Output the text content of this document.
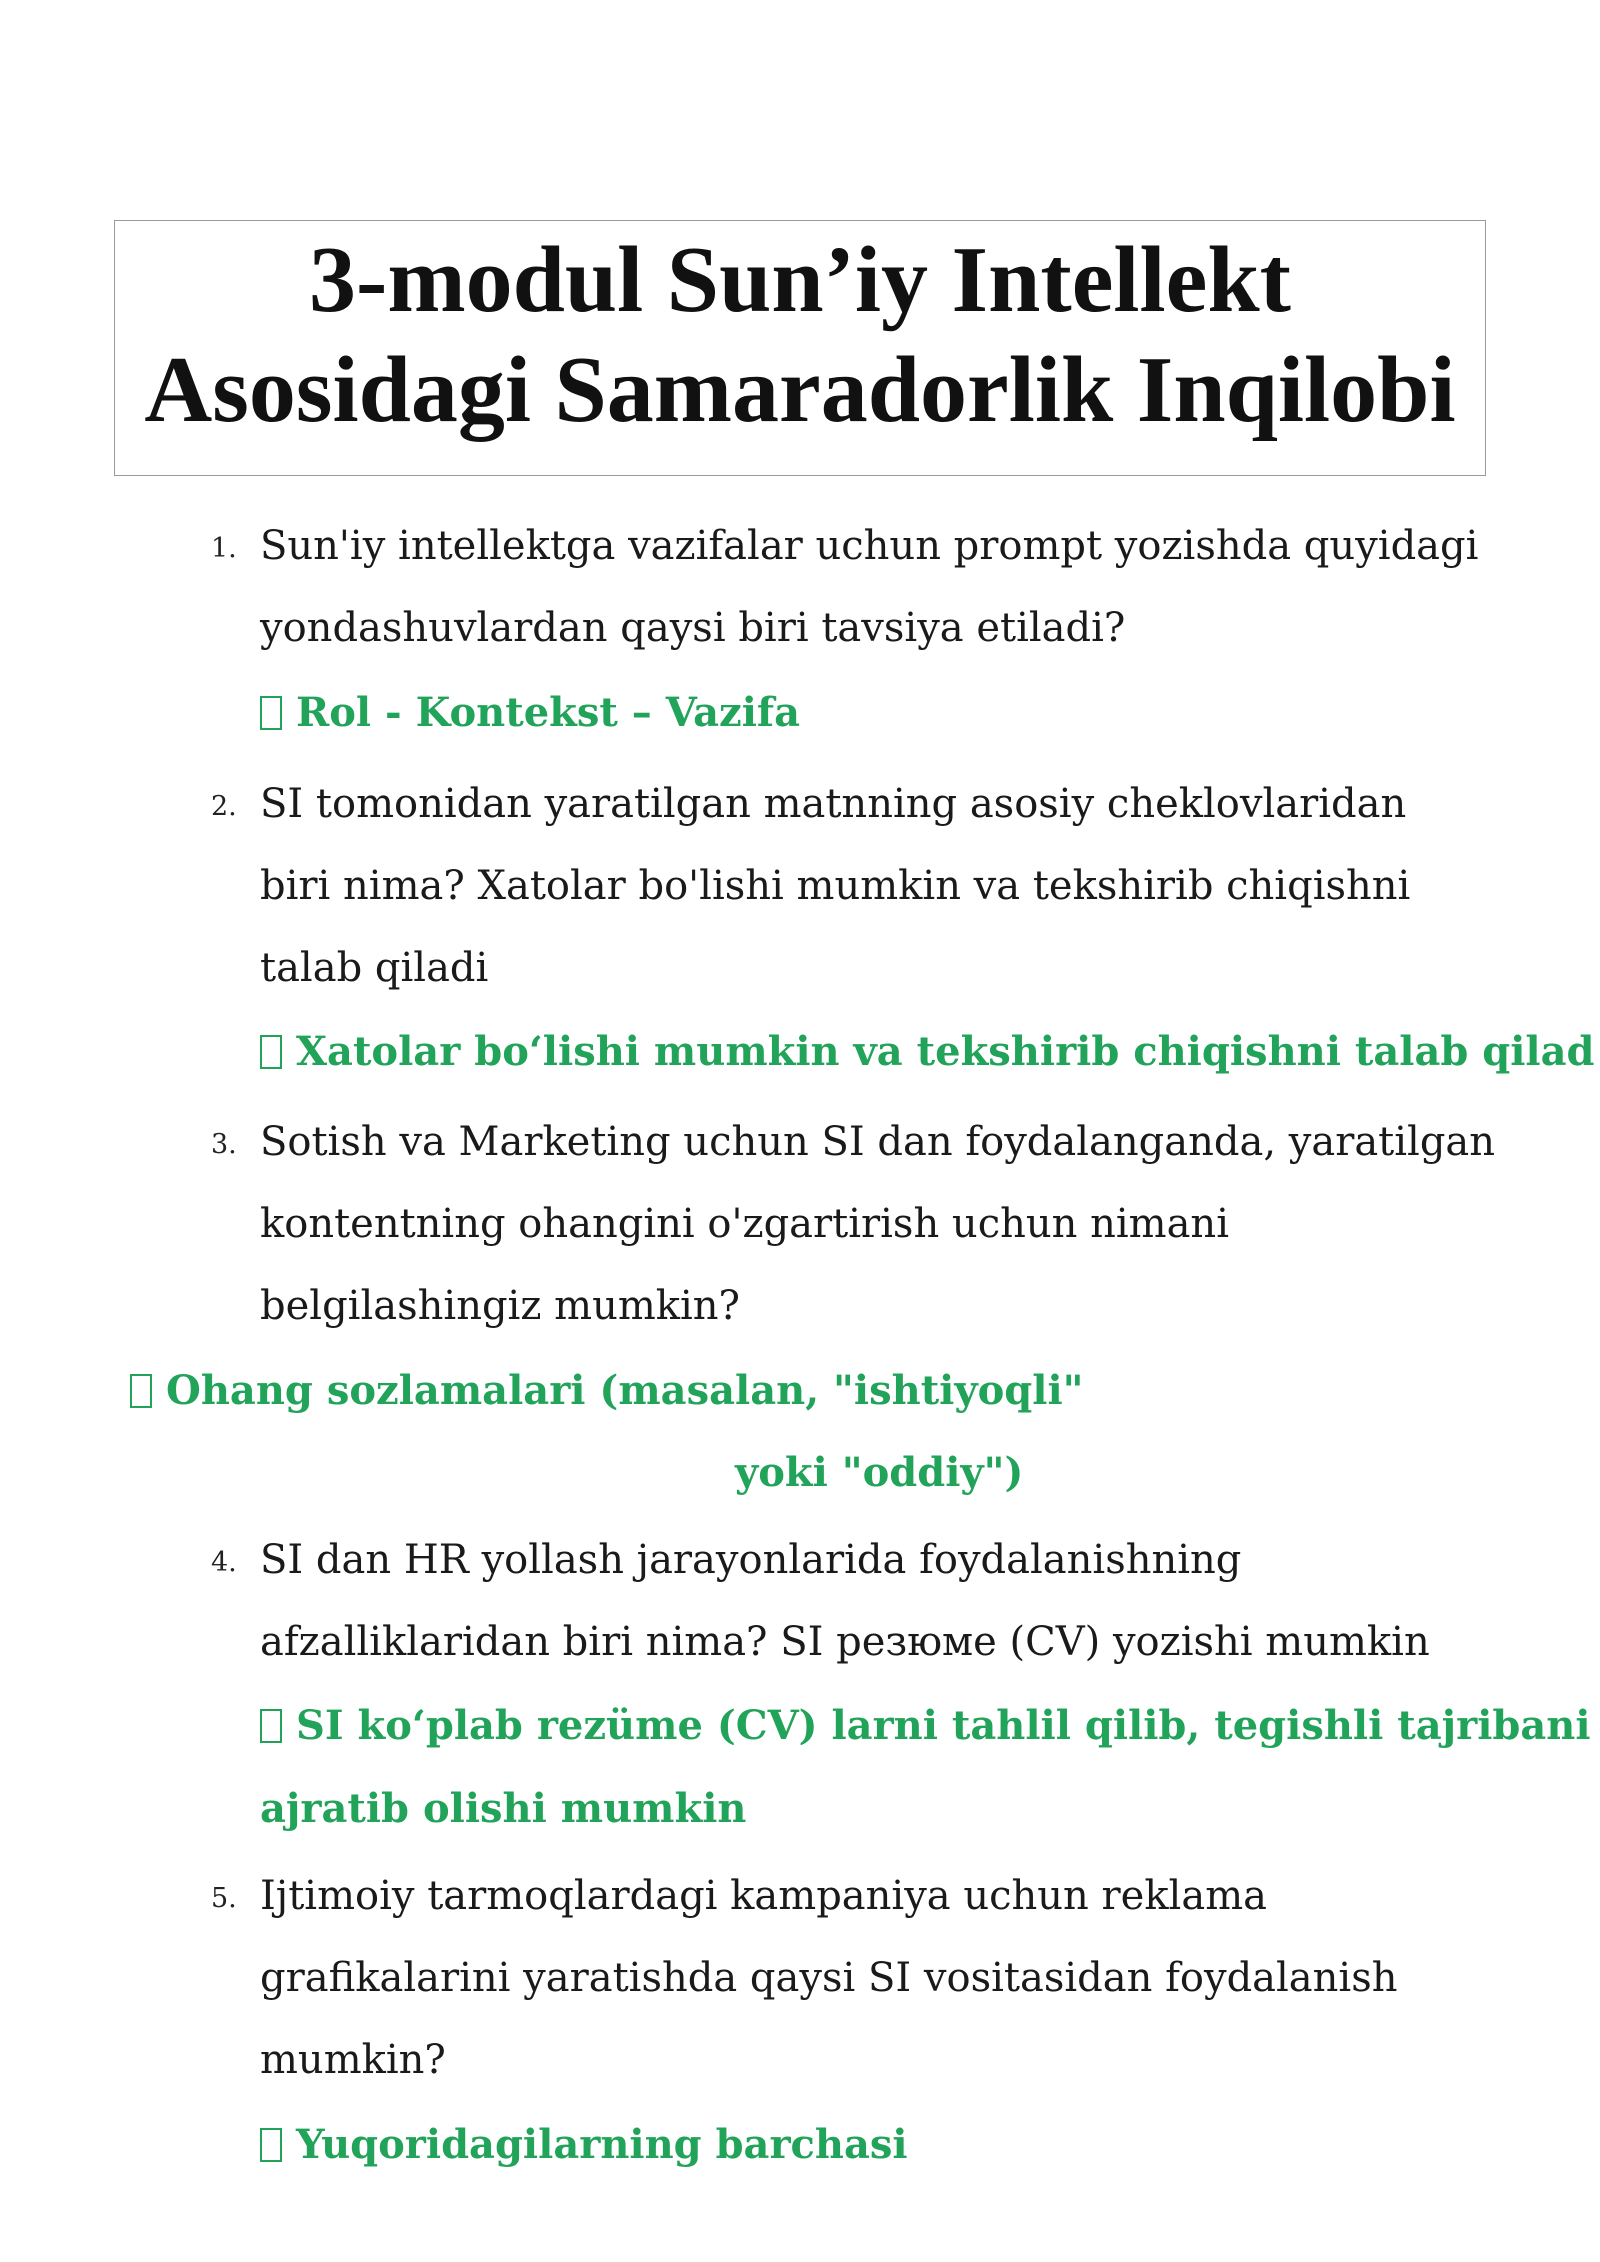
3-modul Sun’iy Intellekt
Asosidagi Samaradorlik Inqilobi
1. Sun'iy intellektga vazifalar uchun prompt yozishda quyidagi
yondashuvlardan qaysi biri tavsiya etiladi?
Rol - Kontekst – Vazifa
2. SI tomonidan yaratilgan matnning asosiy cheklovlaridan
biri nima? Xatolar bo'lishi mumkin va tekshirib chiqishni
talab qiladi
Xatolar bo‘lishi mumkin va tekshirib chiqishni talab qilad
3. Sotish va Marketing uchun SI dan foydalanganda, yaratilgan
kontentning ohangini o'zgartirish uchun nimani
belgilashingiz mumkin?
Ohang sozlamalari (masalan, "ishtiyoqli"
yoki "oddiy")
4. SI dan HR yollash jarayonlarida foydalanishning
afzalliklaridan biri nima? SI резюме (CV) yozishi mumkin
SI ko‘plab rezüme (CV) larni tahlil qilib, tegishli tajribani
ajratib olishi mumkin
5. Ijtimoiy tarmoqlardagi kampaniya uchun reklama
grafikalarini yaratishda qaysi SI vositasidan foydalanish
mumkin?
Yuqoridagilarning barchasi
